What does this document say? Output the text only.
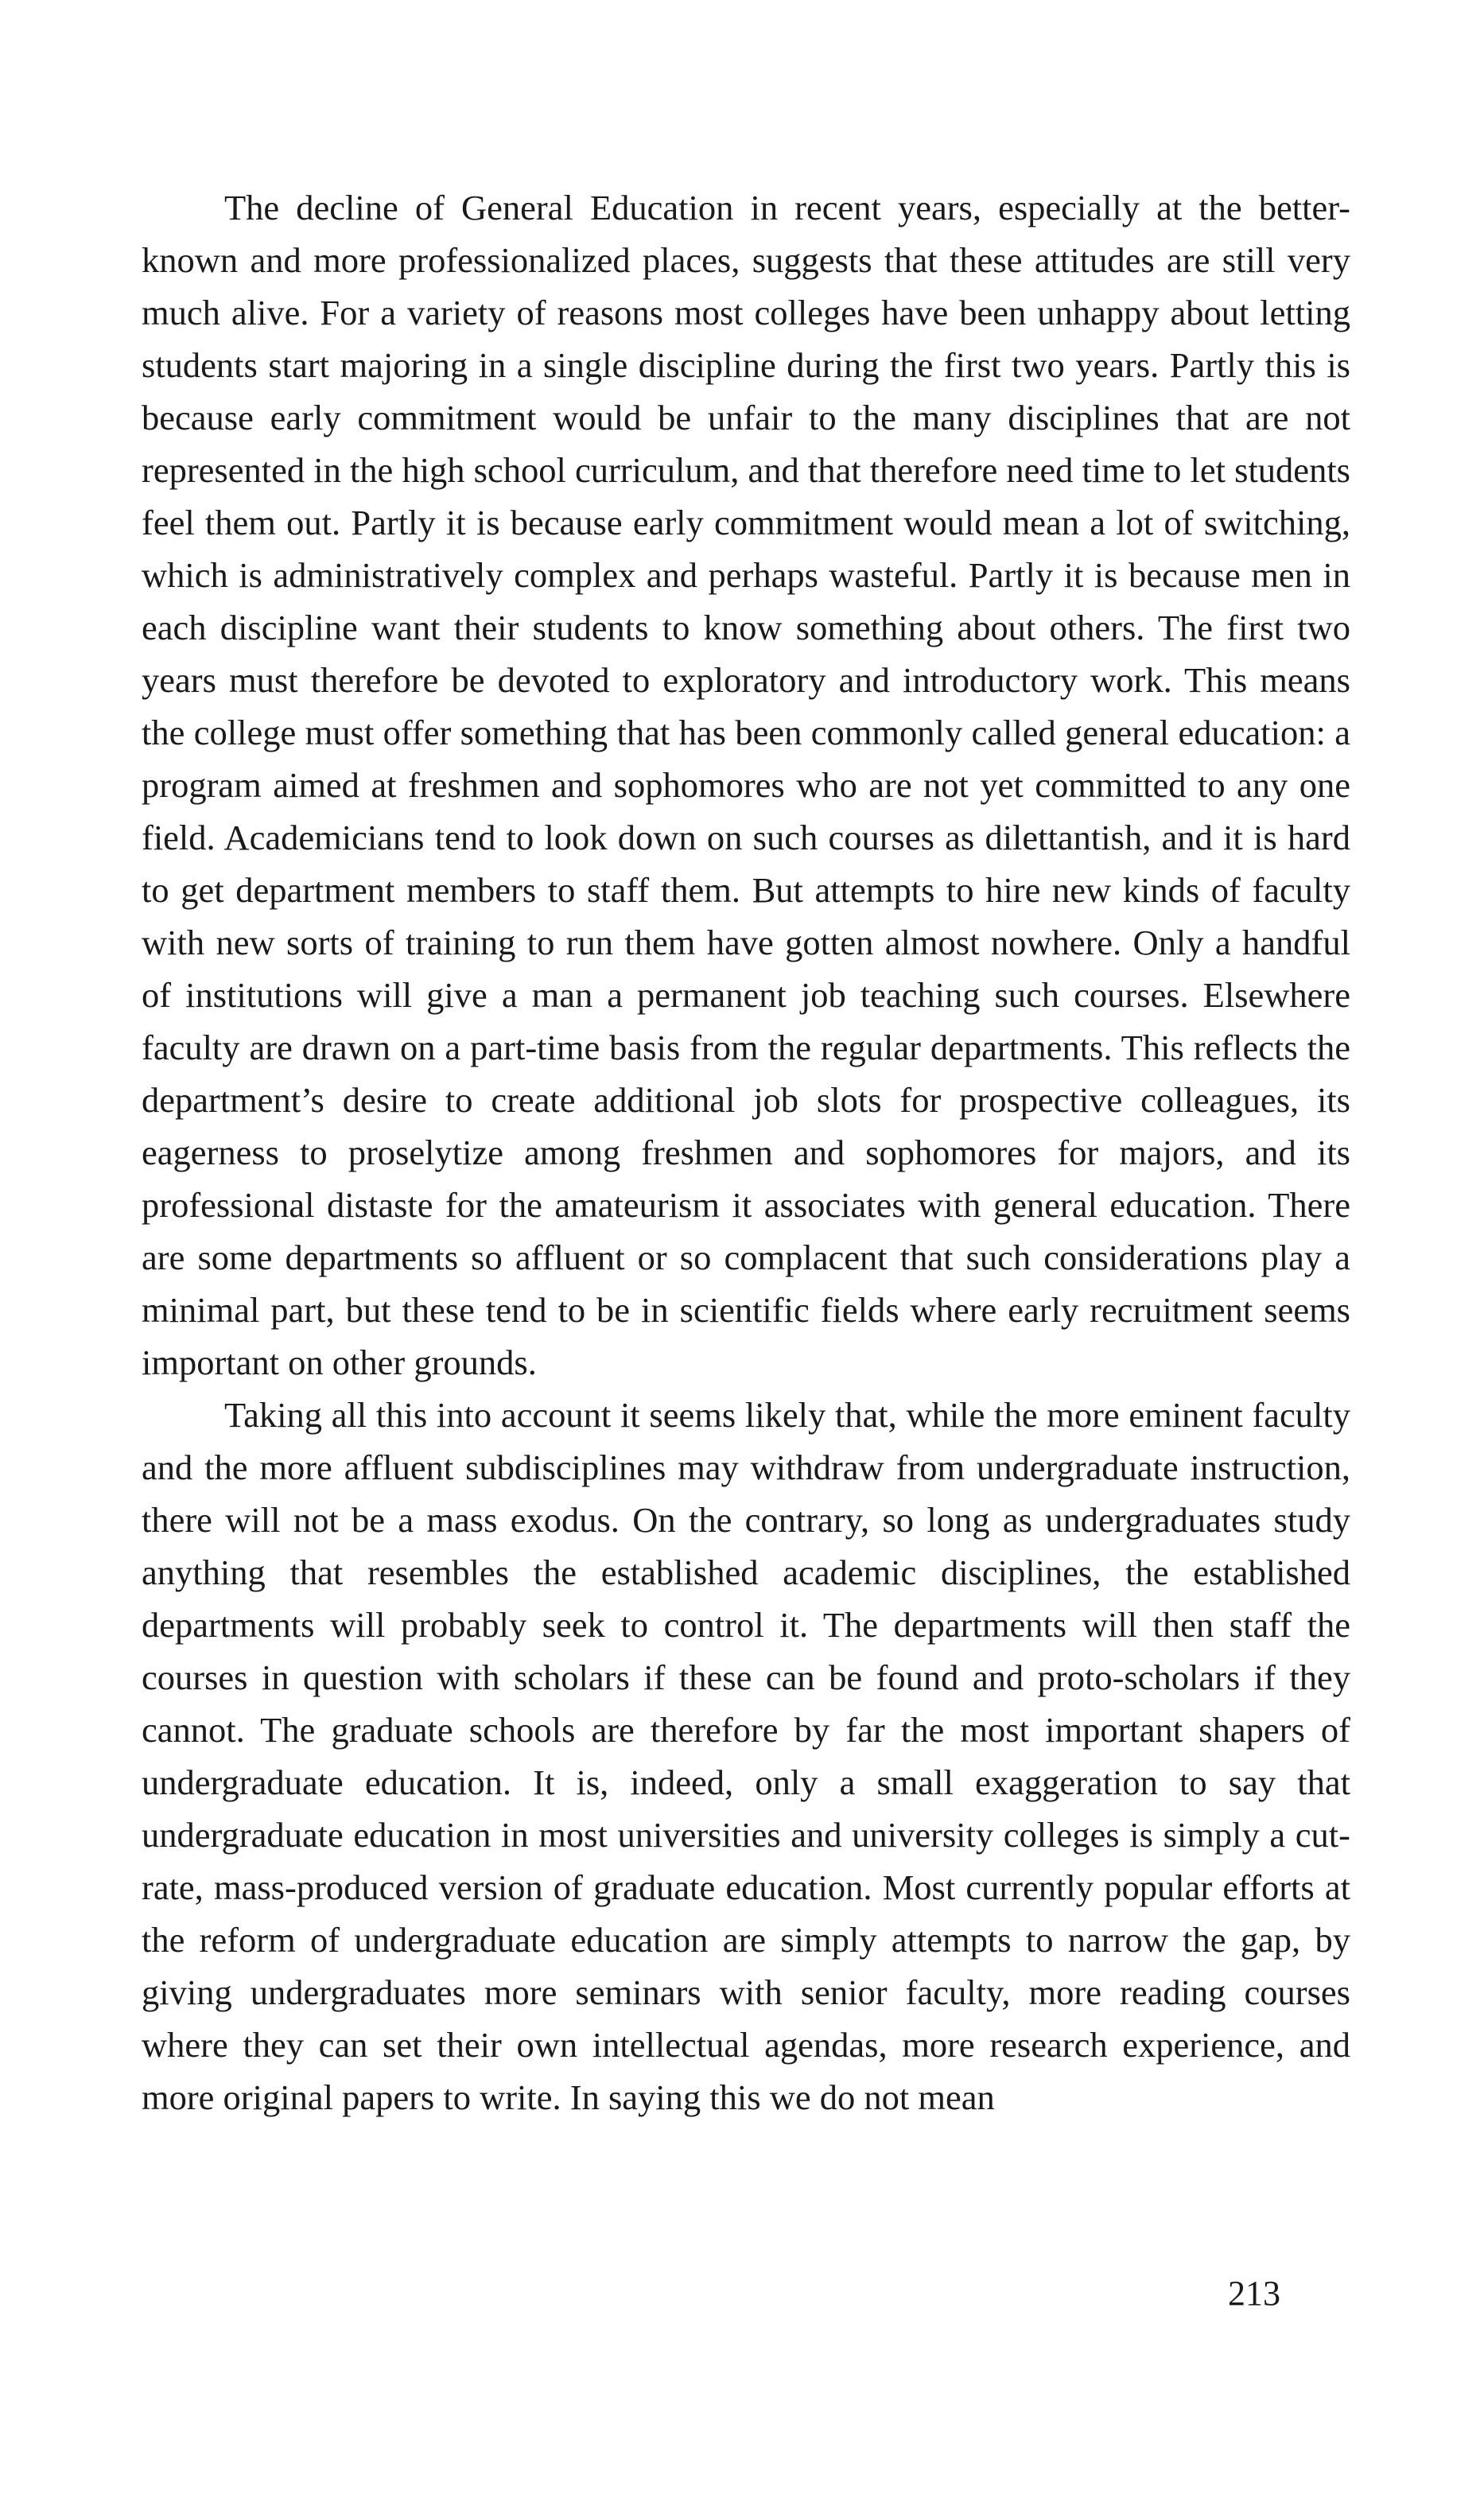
The decline of General Education in recent years, especially at the better-known and more professionalized places, suggests that these attitudes are still very much alive. For a variety of reasons most colleges have been unhappy about letting students start majoring in a single discipline during the first two years. Partly this is because early commitment would be unfair to the many disciplines that are not represented in the high school curriculum, and that therefore need time to let students feel them out. Partly it is because early commitment would mean a lot of switching, which is administratively complex and perhaps wasteful. Partly it is because men in each discipline want their students to know something about others. The first two years must therefore be devoted to exploratory and introductory work. This means the college must offer something that has been commonly called general education: a program aimed at freshmen and sophomores who are not yet committed to any one field. Academicians tend to look down on such courses as dilettantish, and it is hard to get department members to staff them. But attempts to hire new kinds of faculty with new sorts of training to run them have gotten almost nowhere. Only a handful of institutions will give a man a permanent job teaching such courses. Elsewhere faculty are drawn on a part-time basis from the regular departments. This reflects the department’s desire to create additional job slots for prospective colleagues, its eagerness to proselytize among freshmen and sophomores for majors, and its professional distaste for the amateurism it associates with general education. There are some departments so affluent or so complacent that such considerations play a minimal part, but these tend to be in scientific fields where early recruitment seems important on other grounds.

Taking all this into account it seems likely that, while the more eminent faculty and the more affluent subdisciplines may withdraw from undergraduate instruction, there will not be a mass exodus. On the contrary, so long as undergraduates study anything that resembles the established academic disciplines, the established departments will probably seek to control it. The departments will then staff the courses in question with scholars if these can be found and proto-scholars if they cannot. The graduate schools are therefore by far the most important shapers of undergraduate education. It is, indeed, only a small exaggeration to say that undergraduate education in most universities and university colleges is simply a cut-rate, mass-produced version of graduate education. Most currently popular efforts at the reform of undergraduate education are simply attempts to narrow the gap, by giving undergraduates more seminars with senior faculty, more reading courses where they can set their own intellectual agendas, more research experience, and more original papers to write. In saying this we do not mean

213
